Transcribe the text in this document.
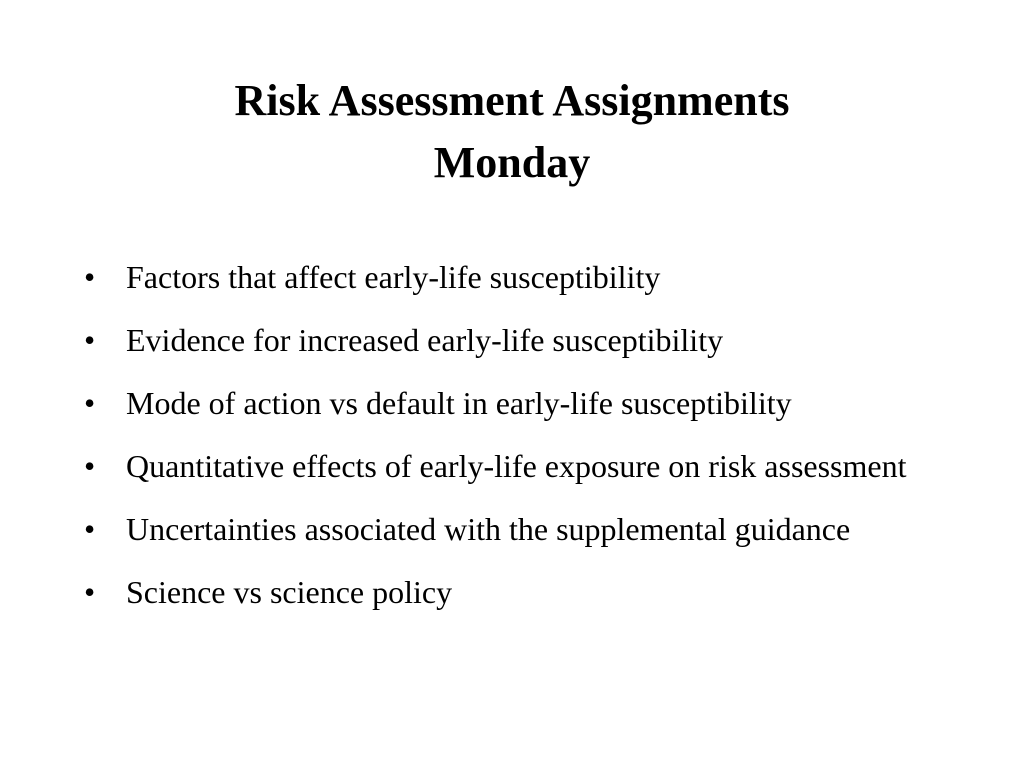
Risk Assessment Assignments
Monday
• Factors that affect early-life susceptibility
• Evidence for increased early-life susceptibility
• Mode of action vs default in early-life susceptibility
• Quantitative effects of early-life exposure on risk assessment
• Uncertainties associated with the supplemental guidance
• Science vs science policy
